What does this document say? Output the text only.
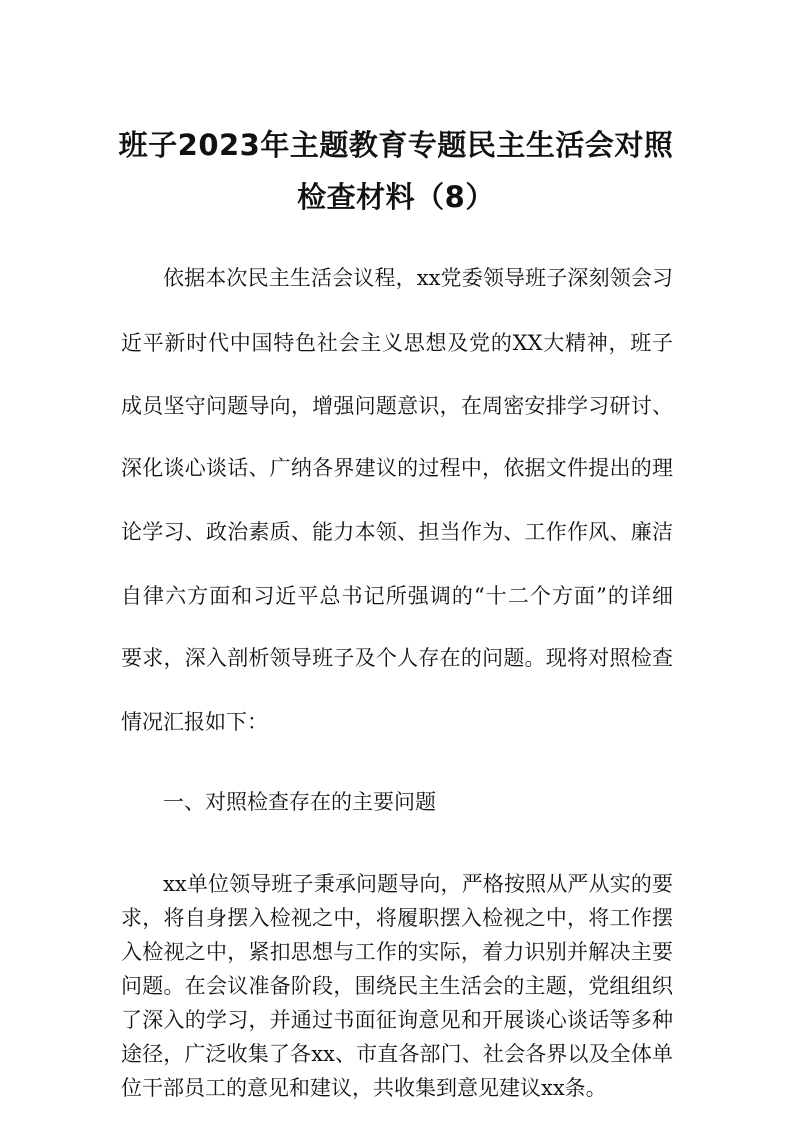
班子2023年主题教育专题民主生活会对照
检查材料（8）

依据本次民主生活会议程，xx党委领导班子深刻领会习

近平新时代中国特色社会主义思想及党的XX大精神，班子

成员坚守问题导向，增强问题意识，在周密安排学习研讨、

深化谈心谈话、广纳各界建议的过程中，依据文件提出的理

论学习、政治素质、能力本领、担当作为、工作作风、廉洁

自律六方面和习近平总书记所强调的“十二个方面”的详细

要求，深入剖析领导班子及个人存在的问题。现将对照检查

情况汇报如下：

一、对照检查存在的主要问题

xx单位领导班子秉承问题导向，严格按照从严从实的要

求，将自身摆入检视之中，将履职摆入检视之中，将工作摆

入检视之中，紧扣思想与工作的实际，着力识别并解决主要

问题。在会议准备阶段，围绕民主生活会的主题，党组组织

了深入的学习，并通过书面征询意见和开展谈心谈话等多种

途径，广泛收集了各xx、市直各部门、社会各界以及全体单

位干部员工的意见和建议，共收集到意见建议xx条。
